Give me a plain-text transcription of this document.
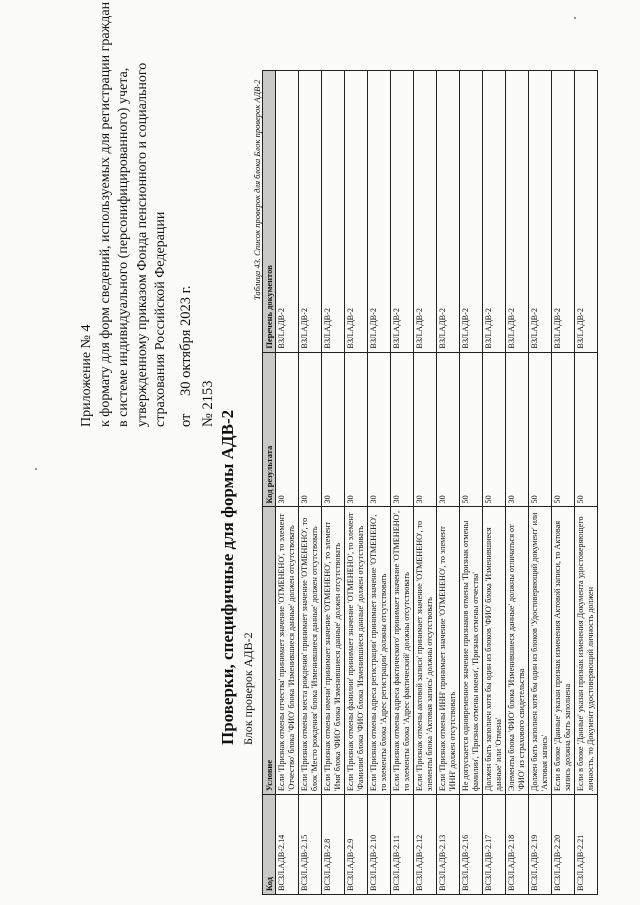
Приложение № 4 к формату для форм сведений, используемых для регистрации граждан в системе индивидуального (персонифицированного) учета, утвержденному приказом Фонда пенсионного и социального страхования Российской Федерации от 30 октября 2023 г.
№ 2153
Проверки, специфичные для формы АДВ-2 Блок проверок АДВ-2
Таблица 43. Список проверок для блока Блок проверок АДВ-2
Код	Условие	Код результата	Перечень документов
ВСЗЛ.АДВ-2.14	Если 'Признак отмены отчества' принимает значение 'ОТМЕНЕНО', то элемент 'Отчество' блока 'ФИО' блока 'Изменившиеся данные' должен отсутствовать	30	ВЗЛ.АДВ-2
ВСЗЛ.АДВ-2.15	Если 'Признак отмены места рождения' принимает значение 'ОТМЕНЕНО', то блок 'Место рождения' блока 'Изменившиеся данные' должен отсутствовать	30	ВЗЛ.АДВ-2
ВСЗЛ.АДВ-2.8	Если 'Признак отмены имени' принимает значение 'ОТМЕНЕНО', то элемент 'Имя' блока 'ФИО' блока 'Изменившиеся данные' должен отсутствовать	30	ВЗЛ.АДВ-2
ВСЗЛ.АДВ-2.9	Если 'Признак отмены фамилии' принимает значение 'ОТМЕНЕНО', то элемент 'Фамилия' блока 'ФИО' блока 'Изменившиеся данные' должен отсутствовать	30	ВЗЛ.АДВ-2
ВСЗЛ.АДВ-2.10	Если 'Признак отмены адреса регистрации' принимает значение 'ОТМЕНЕНО', то элементы блока 'Адрес регистрации' должны отсутствовать	30	ВЗЛ.АДВ-2
ВСЗЛ.АДВ-2.11	Если 'Признак отмены адреса фактического' принимает значение 'ОТМЕНЕНО', то элементы блока 'Адрес фактический' должны отсутствовать	30	ВЗЛ.АДВ-2
ВСЗЛ.АДВ-2.12	Если 'Признак отмены актовой записи' принимает значение 'ОТМЕНЕНО', то элементы блока 'Актовая запись' должны отсутствовать	30	ВЗЛ.АДВ-2
ВСЗЛ.АДВ-2.13	Если 'Признак отмены ИНН' принимает значение 'ОТМЕНЕНО', то элемент 'ИНН' должен отсутствовать	30	ВЗЛ.АДВ-2
ВСЗЛ.АДВ-2.16	Не допускается одновременное значение признаков отмены 'Признак отмены фамилии', 'Признак отмены имени', 'Признак отмены отчества'	50	ВЗЛ.АДВ-2
ВСЗЛ.АДВ-2.17	Должен быть заполнен хотя бы один из блоков 'ФИО' блока 'Изменившиеся данные' или 'Отмена'	50	ВЗЛ.АДВ-2
ВСЗЛ.АДВ-2.18	Элементы блока 'ФИО' блока 'Изменившиеся данные' должны отличаться от 'ФИО' из страхового свидетельства	30	ВЗЛ.АДВ-2
ВСЗЛ.АДВ-2.19	Должен быть заполнен хотя бы один из блоков 'Удостоверяющий документ' или 'Актовая запись'	50	ВЗЛ.АДВ-2
ВСЗЛ.АДВ-2.20	Если в блоке 'Данные' указан признак изменения Актовой записи, то Актовая запись должна быть заполнена	50	ВЗЛ.АДВ-2
ВСЗЛ.АДВ-2.21	Если в блоке 'Данные' указан признак изменения Документа удостоверяющего личность, то Документ удостоверяющий личность должен	50	ВЗЛ.АДВ-2
